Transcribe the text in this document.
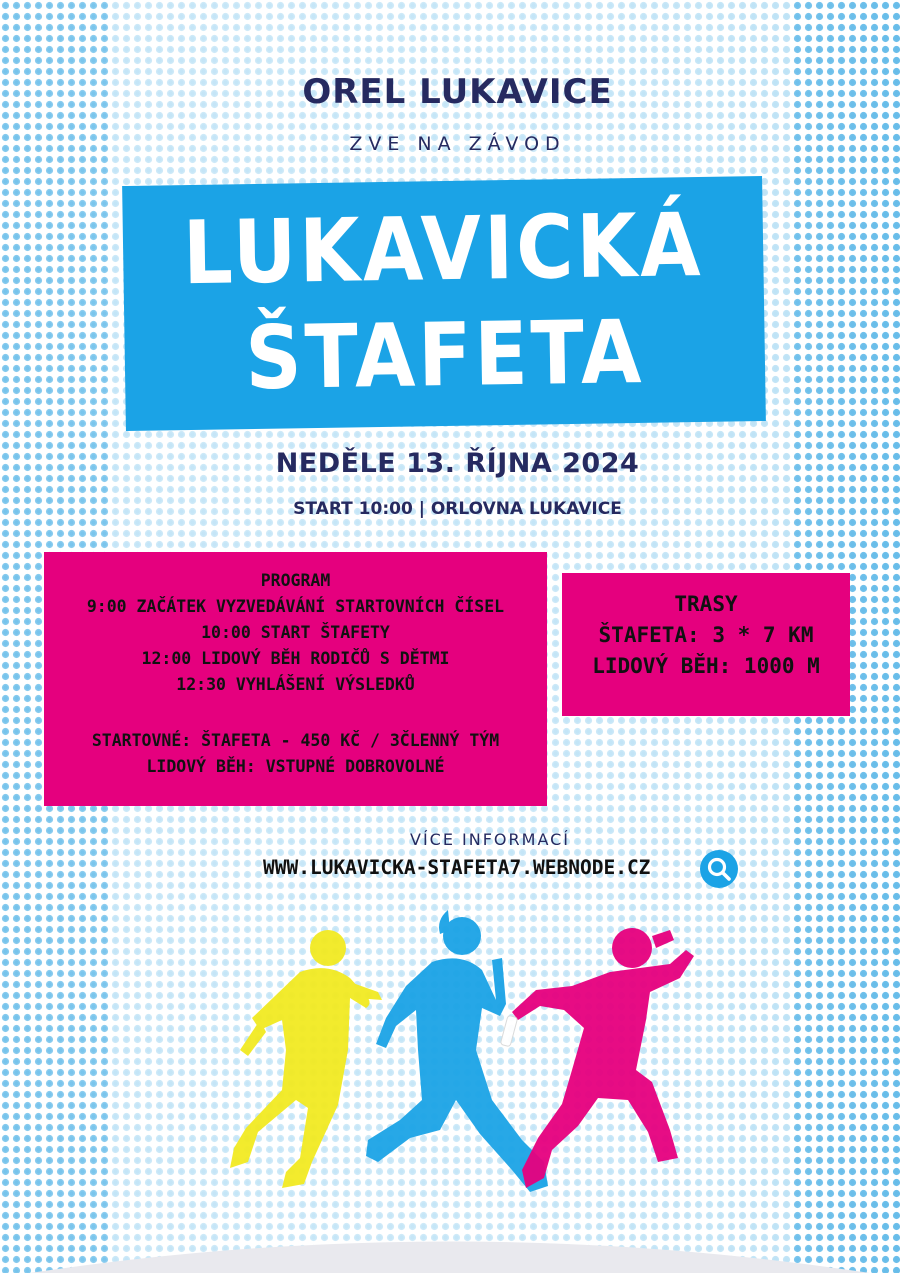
OREL LUKAVICE
ZVE NA ZÁVOD
LUKAVICKÁ
ŠTAFETA
NEDĚLE 13. ŘÍJNA 2024
START 10:00 | ORLOVNA LUKAVICE
PROGRAM
9:00 ZAČÁTEK VYZVEDÁVÁNÍ STARTOVNÍCH ČÍSEL
10:00 START ŠTAFETY
12:00 LIDOVÝ BĚH RODIČŮ S DĚTMI
12:30 VYHLÁŠENÍ VÝSLEDKŮ
STARTOVNÉ: ŠTAFETA - 450 KČ / 3ČLENNÝ TÝM
LIDOVÝ BĚH: VSTUPNÉ DOBROVOLNÉ
TRASY
ŠTAFETA: 3 * 7 KM
LIDOVÝ BĚH: 1000 M
VÍCE INFORMACÍ
WWW.LUKAVICKA-STAFETA7.WEBNODE.CZ
